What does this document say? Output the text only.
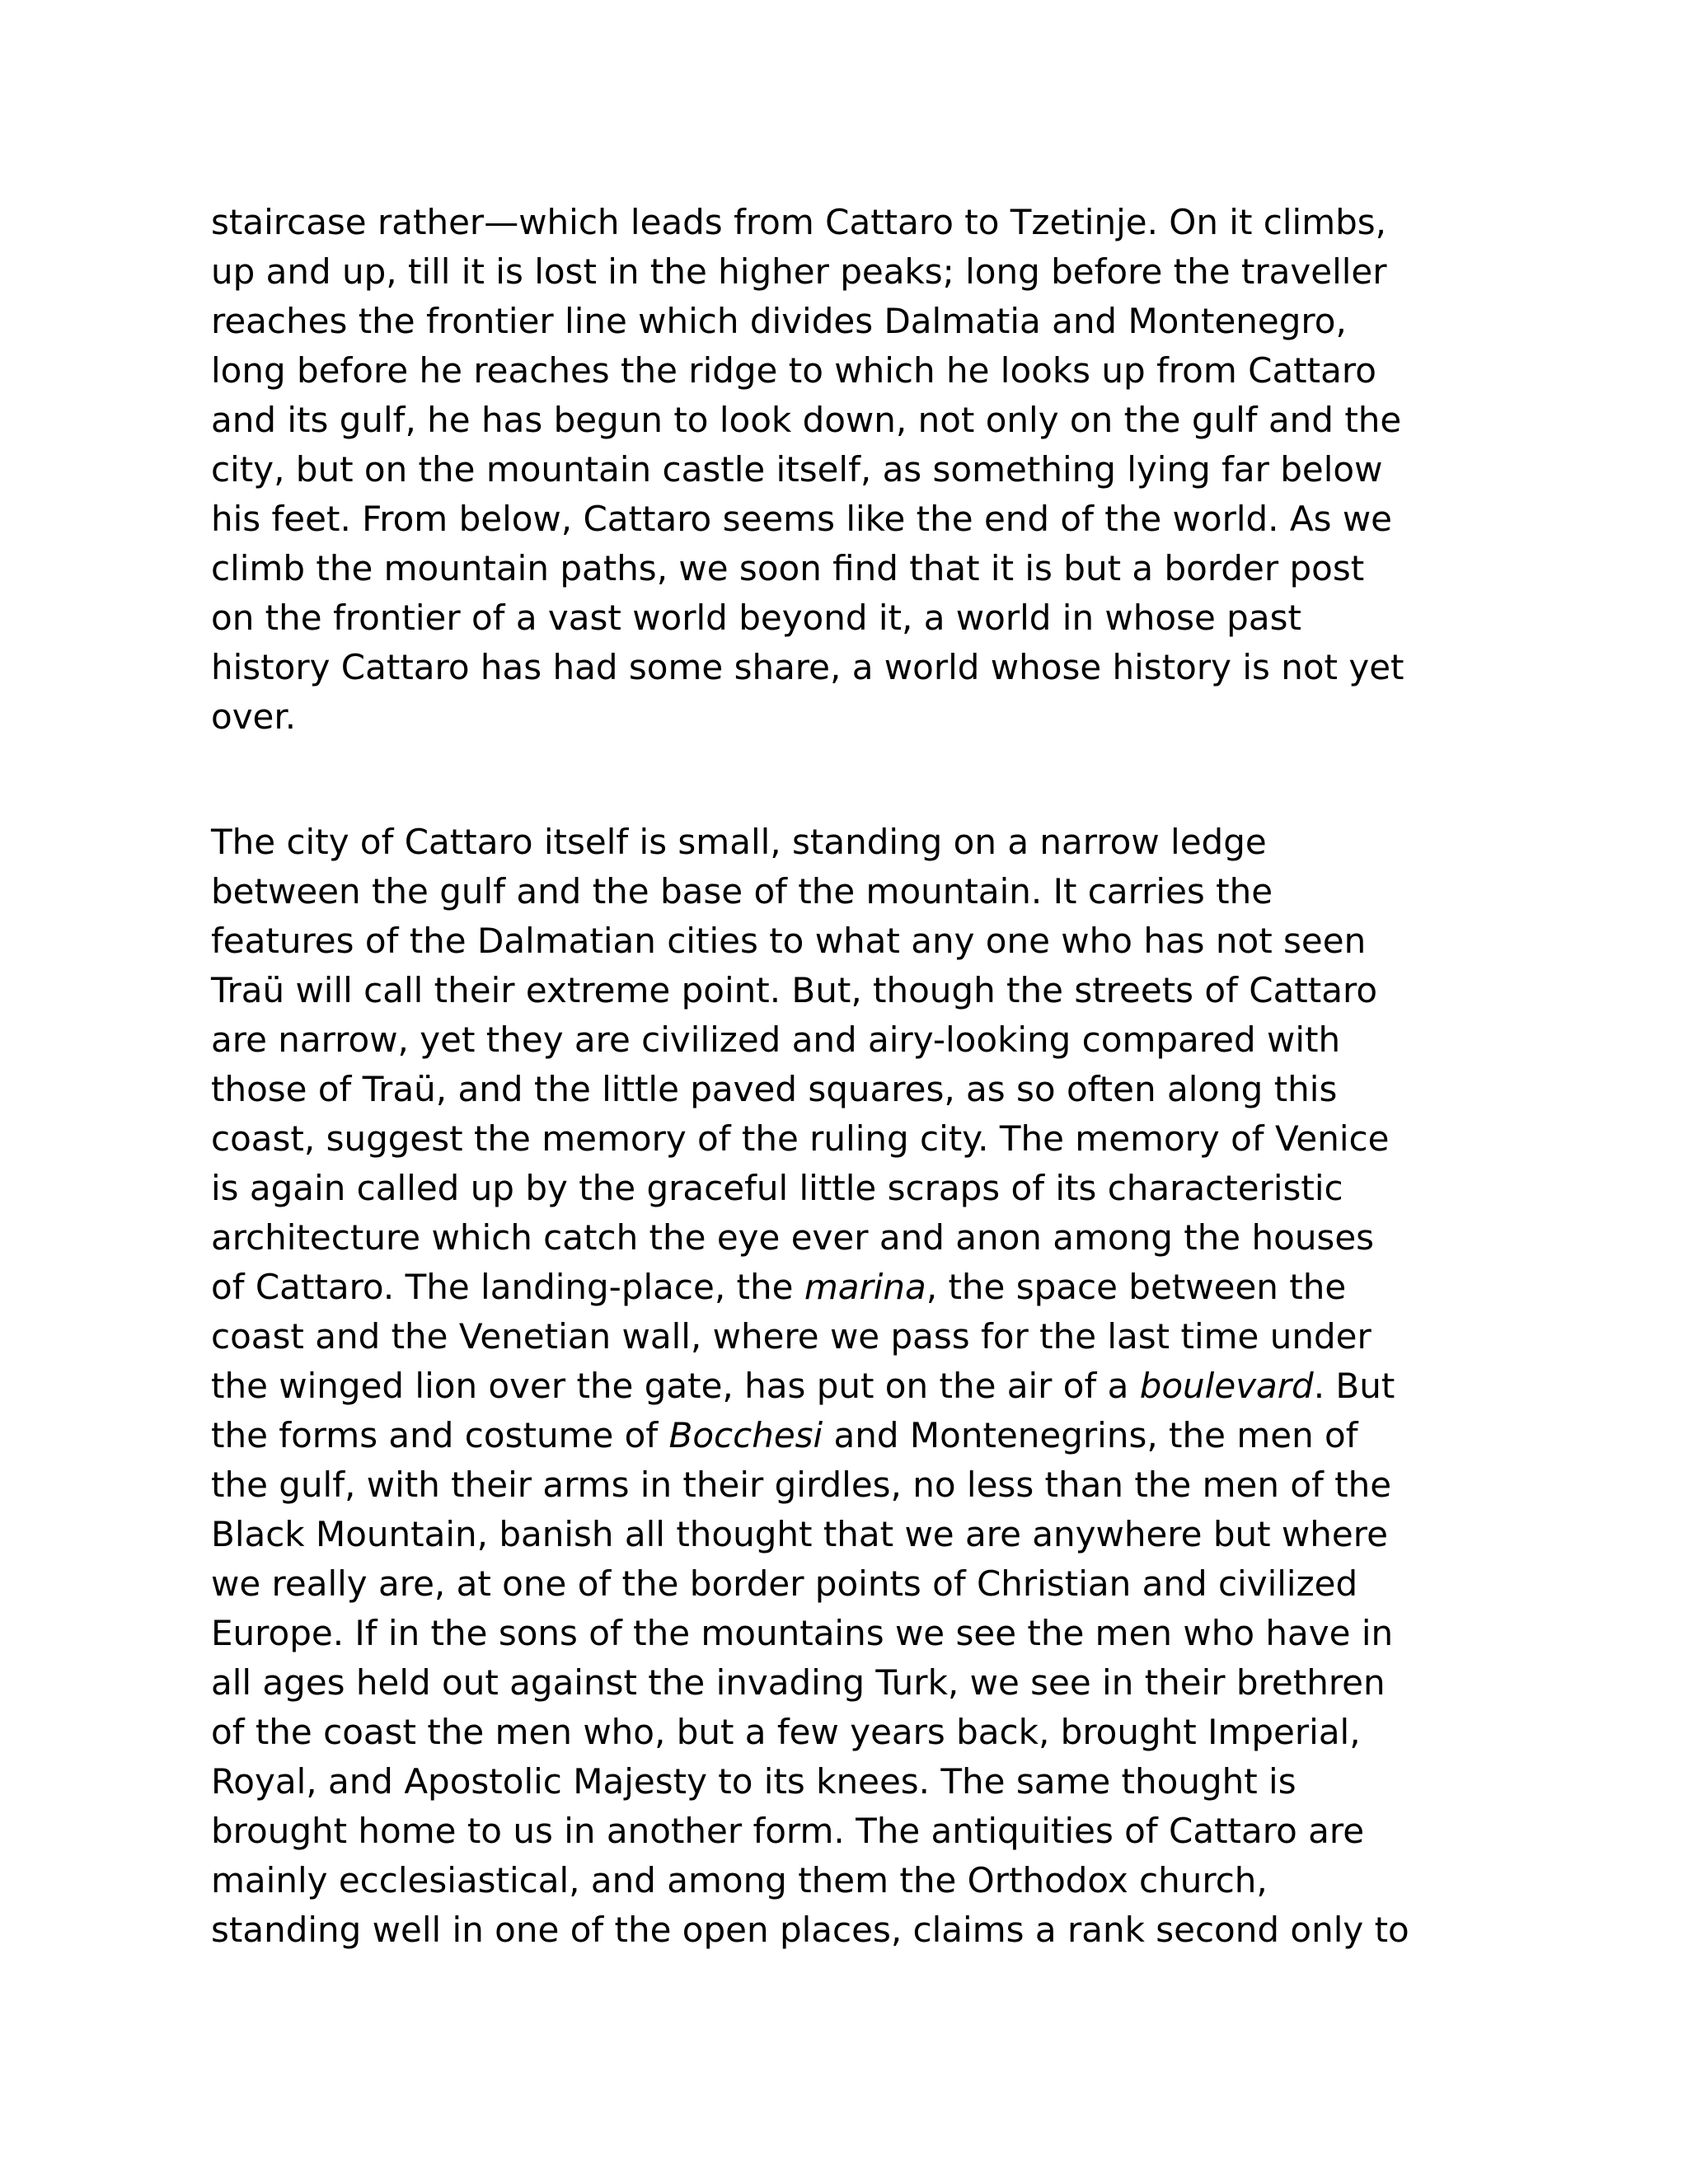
staircase rather—which leads from Cattaro to Tzetinje. On it climbs,
up and up, till it is lost in the higher peaks; long before the traveller
reaches the frontier line which divides Dalmatia and Montenegro,
long before he reaches the ridge to which he looks up from Cattaro
and its gulf, he has begun to look down, not only on the gulf and the
city, but on the mountain castle itself, as something lying far below
his feet. From below, Cattaro seems like the end of the world. As we
climb the mountain paths, we soon find that it is but a border post
on the frontier of a vast world beyond it, a world in whose past
history Cattaro has had some share, a world whose history is not yet
over.

The city of Cattaro itself is small, standing on a narrow ledge
between the gulf and the base of the mountain. It carries the
features of the Dalmatian cities to what any one who has not seen
Traü will call their extreme point. But, though the streets of Cattaro
are narrow, yet they are civilized and airy-looking compared with
those of Traü, and the little paved squares, as so often along this
coast, suggest the memory of the ruling city. The memory of Venice
is again called up by the graceful little scraps of its characteristic
architecture which catch the eye ever and anon among the houses
of Cattaro. The landing-place, the marina, the space between the
coast and the Venetian wall, where we pass for the last time under
the winged lion over the gate, has put on the air of a boulevard. But
the forms and costume of Bocchesi and Montenegrins, the men of
the gulf, with their arms in their girdles, no less than the men of the
Black Mountain, banish all thought that we are anywhere but where
we really are, at one of the border points of Christian and civilized
Europe. If in the sons of the mountains we see the men who have in
all ages held out against the invading Turk, we see in their brethren
of the coast the men who, but a few years back, brought Imperial,
Royal, and Apostolic Majesty to its knees. The same thought is
brought home to us in another form. The antiquities of Cattaro are
mainly ecclesiastical, and among them the Orthodox church,
standing well in one of the open places, claims a rank second only to
